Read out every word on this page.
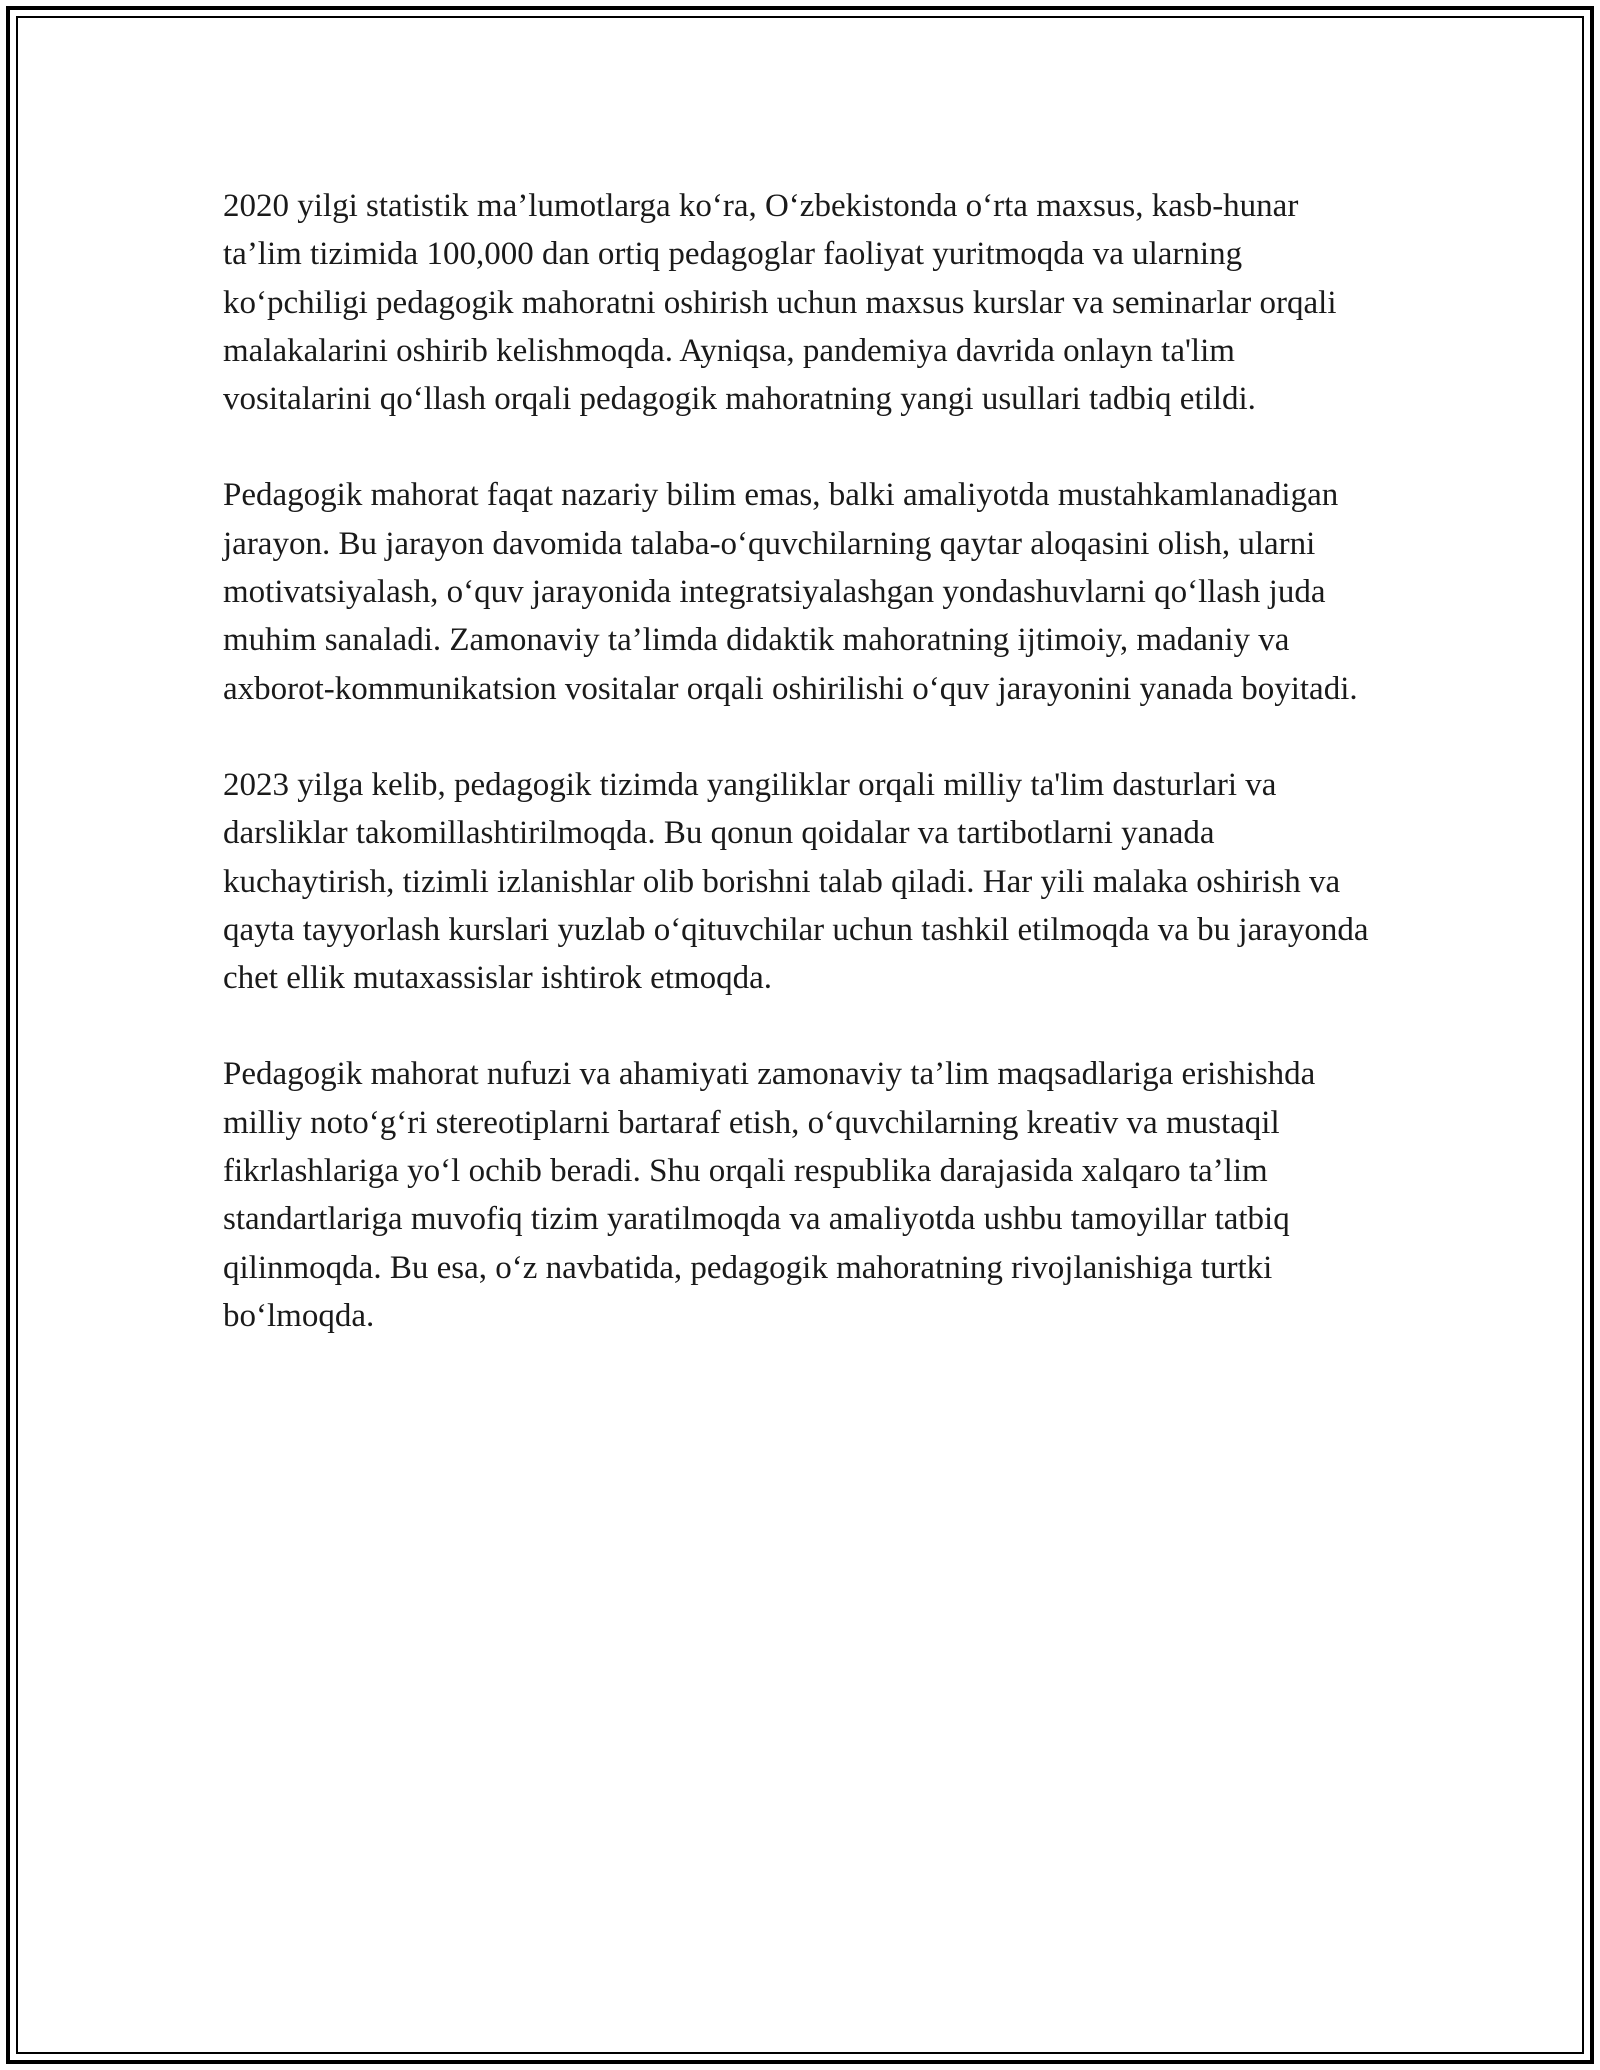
2020 yilgi statistik ma’lumotlarga ko‘ra, O‘zbekistonda o‘rta maxsus, kasb-hunar ta’lim tizimida 100,000 dan ortiq pedagoglar faoliyat yuritmoqda va ularning ko‘pchiligi pedagogik mahoratni oshirish uchun maxsus kurslar va seminarlar orqali malakalarini oshirib kelishmoqda. Ayniqsa, pandemiya davrida onlayn ta'lim vositalarini qo‘llash orqali pedagogik mahoratning yangi usullari tadbiq etildi.

Pedagogik mahorat faqat nazariy bilim emas, balki amaliyotda mustahkamlanadigan jarayon. Bu jarayon davomida talaba-o‘quvchilarning qaytar aloqasini olish, ularni motivatsiyalash, o‘quv jarayonida integratsiyalashgan yondashuvlarni qo‘llash juda muhim sanaladi. Zamonaviy ta’limda didaktik mahoratning ijtimoiy, madaniy va axborot-kommunikatsion vositalar orqali oshirilishi o‘quv jarayonini yanada boyitadi.

2023 yilga kelib, pedagogik tizimda yangiliklar orqali milliy ta'lim dasturlari va darsliklar takomillashtirilmoqda. Bu qonun qoidalar va tartibotlarni yanada kuchaytirish, tizimli izlanishlar olib borishni talab qiladi. Har yili malaka oshirish va qayta tayyorlash kurslari yuzlab o‘qituvchilar uchun tashkil etilmoqda va bu jarayonda chet ellik mutaxassislar ishtirok etmoqda.

Pedagogik mahorat nufuzi va ahamiyati zamonaviy ta’lim maqsadlariga erishishda milliy noto‘g‘ri stereotiplarni bartaraf etish, o‘quvchilarning kreativ va mustaqil fikrlashlariga yo‘l ochib beradi. Shu orqali respublika darajasida xalqaro ta’lim standartlariga muvofiq tizim yaratilmoqda va amaliyotda ushbu tamoyillar tatbiq qilinmoqda. Bu esa, o‘z navbatida, pedagogik mahoratning rivojlanishiga turtki bo‘lmoqda.
